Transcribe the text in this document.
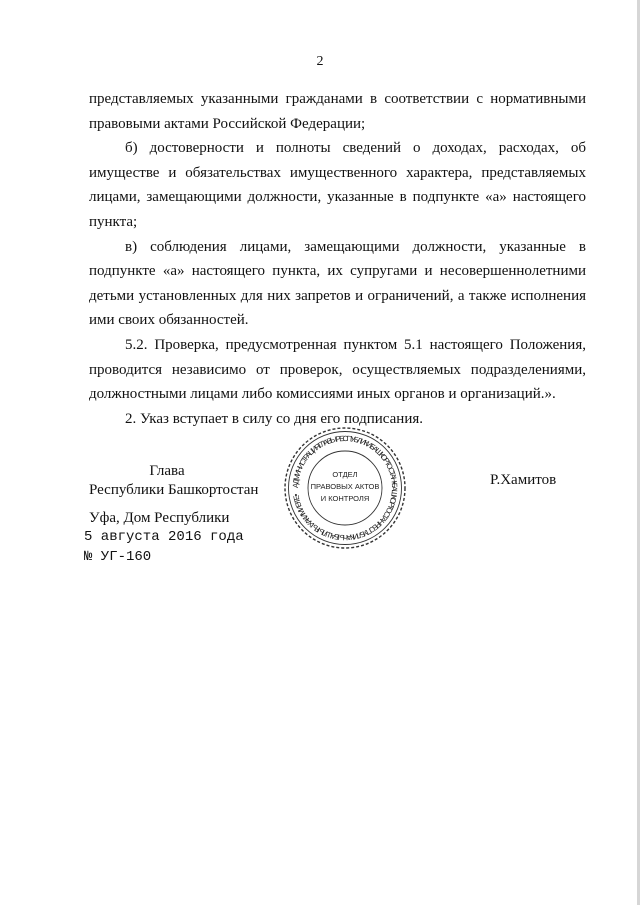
2

представляемых указанными гражданами в соответствии с нормативными правовыми актами Российской Федерации;

б) достоверности и полноты сведений о доходах, расходах, об имуществе и обязательствах имущественного характера, представляемых лицами, замещающими должности, указанные в подпункте «а» настоящего пункта;

в) соблюдения лицами, замещающими должности, указанные в подпункте «а» настоящего пункта, их супругами и несовершеннолетними детьми установленных для них запретов и ограничений, а также исполнения ими своих обязанностей.

5.2. Проверка, предусмотренная пунктом 5.1 настоящего Положения, проводится независимо от проверок, осуществляемых подразделениями, должностными лицами либо комиссиями иных органов и организаций.».

2. Указ вступает в силу со дня его подписания.

Глава
Республики Башкортостан	АДМИНИСТРАЦИЯ ГЛАВЫ РЕСПУБЛИКИ БАШКОРТОСТАН • БАШКОРТОСТАН РЕСПУБЛИКАҺЫ БАШЛЫҒЫ ХАКИМИӘТЕ •
ОТДЕЛ
ПРАВОВЫХ АКТОВ
И КОНТРОЛЯ
Р.Хамитов
Уфа, Дом Республики
5 августа 2016 года
№ УГ-160
